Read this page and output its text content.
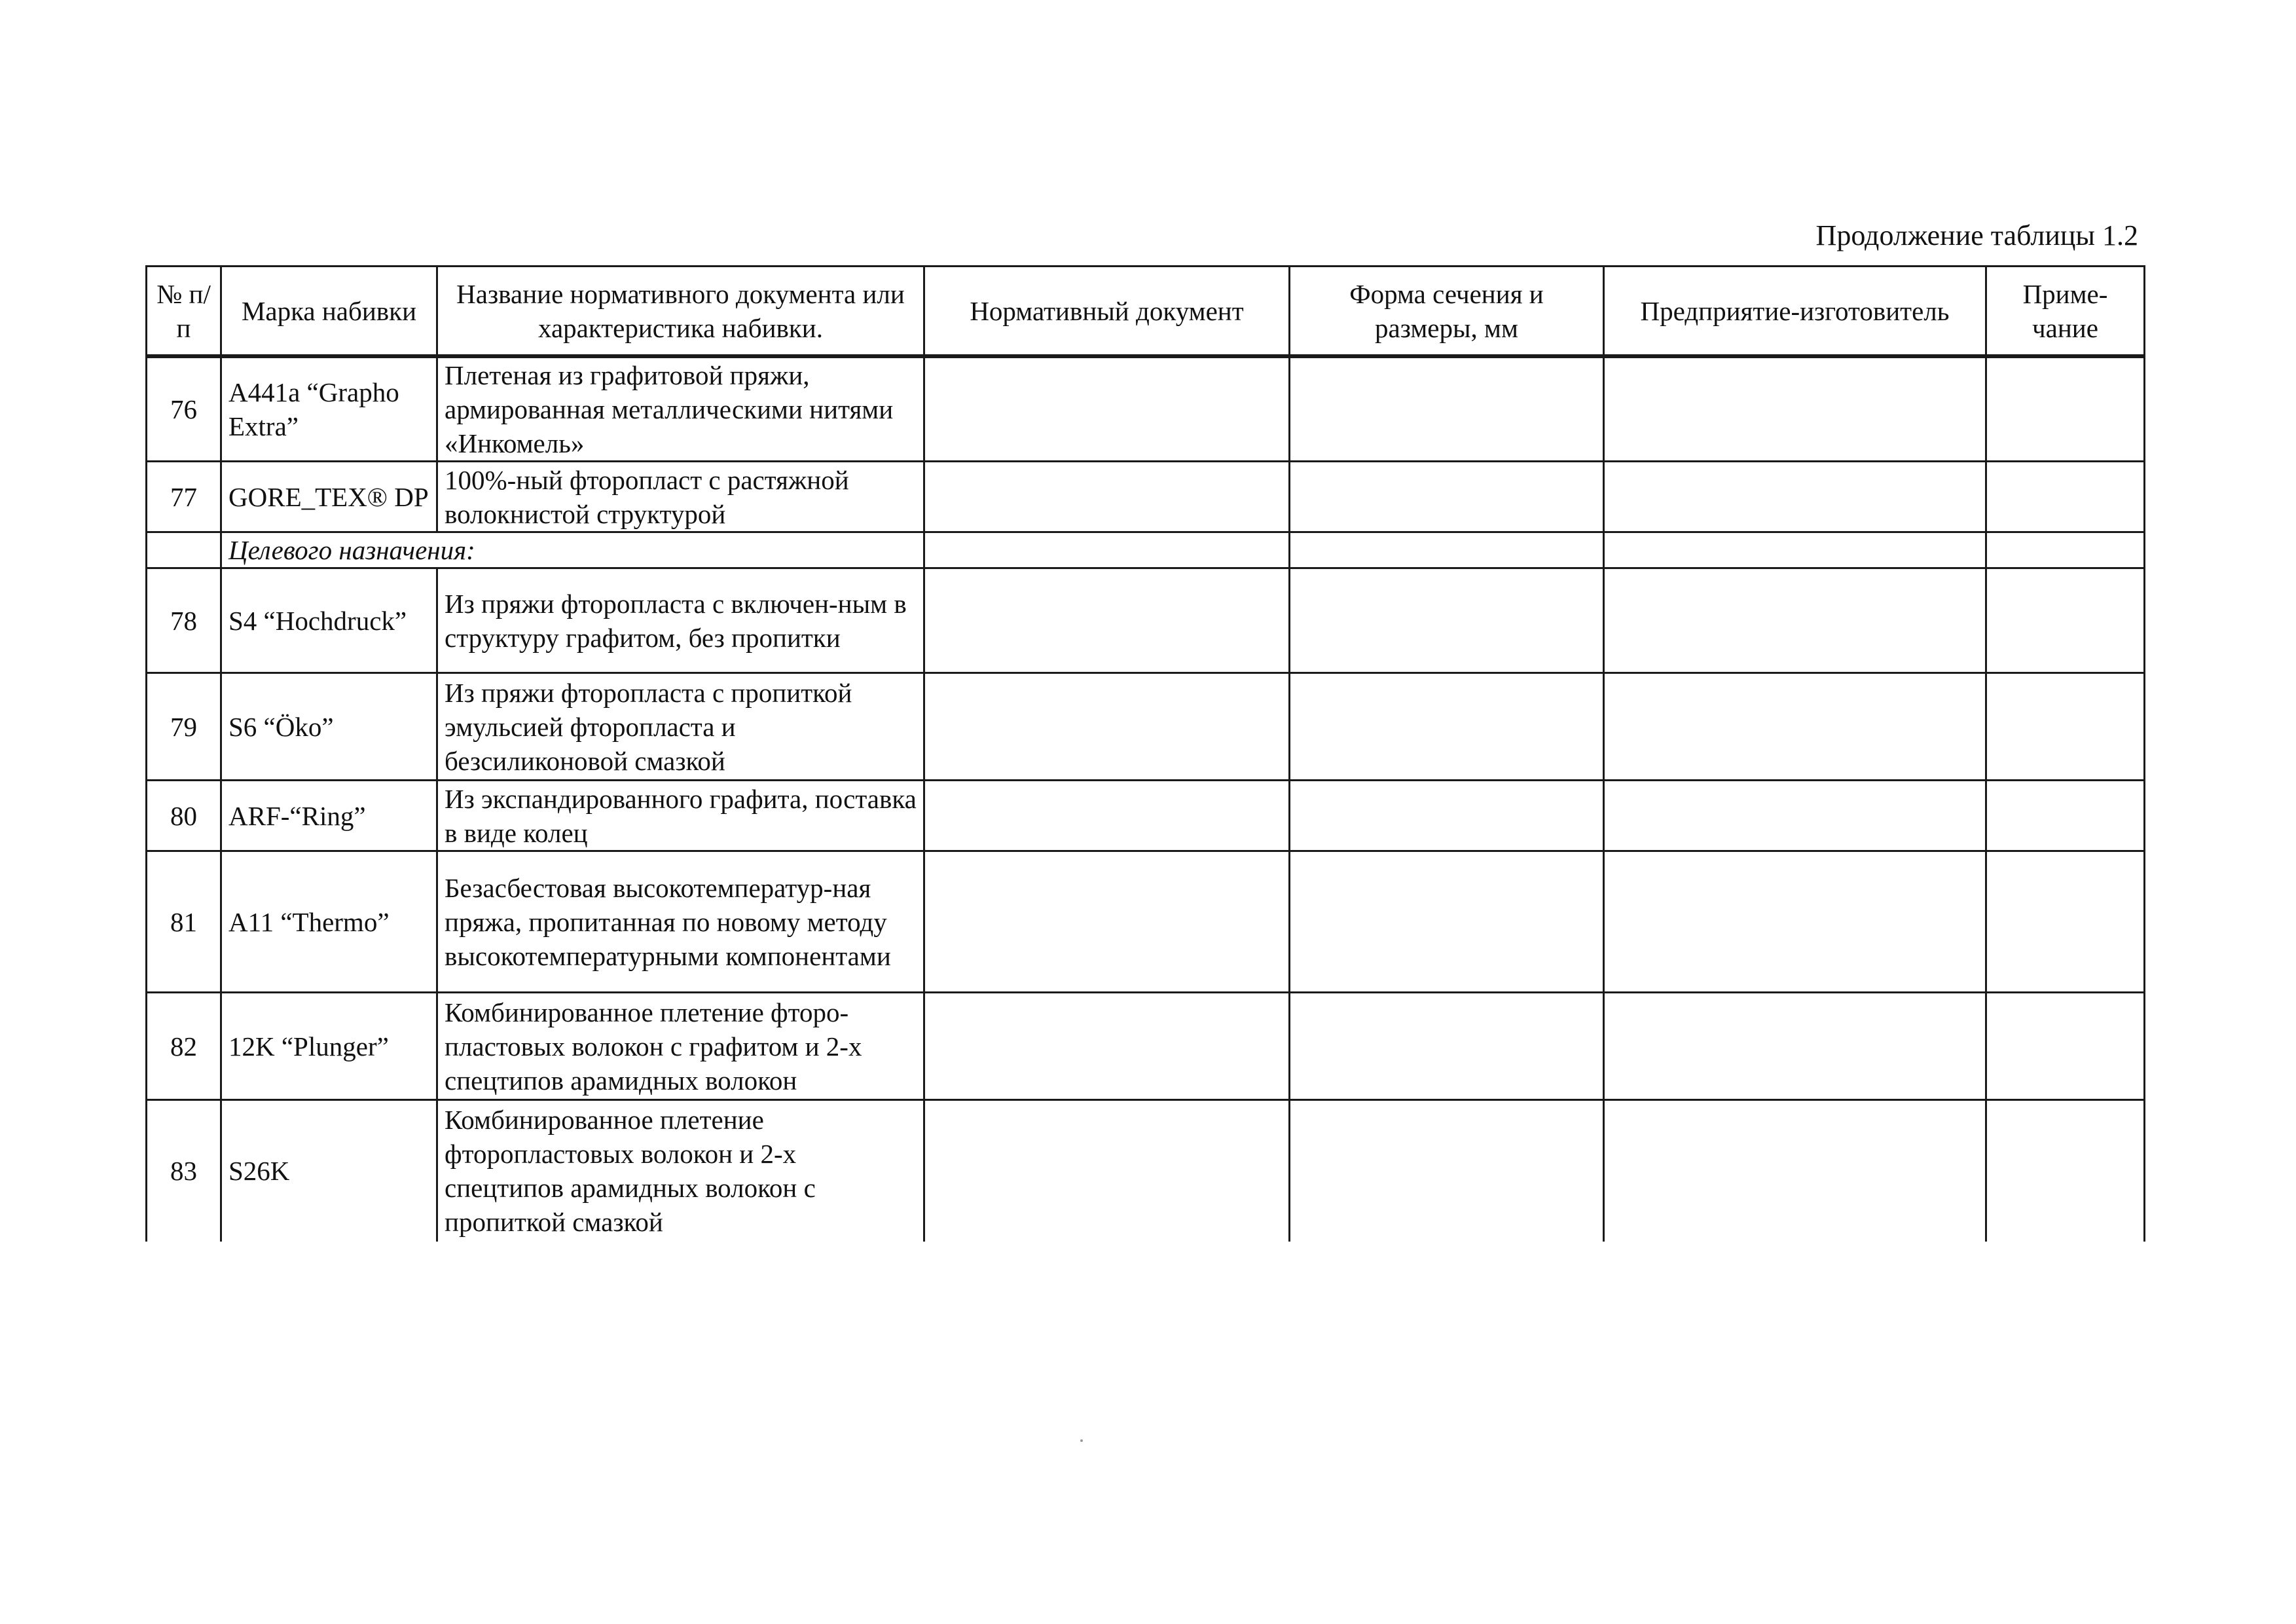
Продолжение таблицы 1.2
№ п/п	Марка набивки	Название нормативного документа или характеристика набивки.	Нормативный документ	Форма сечения и размеры, мм	Предприятие-изготовитель	Приме-чание
76	A441a “Grapho Extra”	Плетеная из графитовой пряжи, армированная металлическими нитями «Инкомель»				
77	GORE_TEX® DP	100%-ный фторопласт с растяжной волокнистой структурой				
	Целевого назначения:					
78	S4 “Hochdruck”	Из пряжи фторопласта с включен-ным в структуру графитом, без пропитки				
79	S6 “Öko”	Из пряжи фторопласта с пропиткой эмульсией фторопласта и безсиликоновой смазкой				
80	ARF-“Ring”	Из экспандированного графита, поставка в виде колец				
81	A11 “Thermo”	Безасбестовая высокотемператур-ная пряжа, пропитанная по новому методу высокотемпературными компонентами				
82	12K “Plunger”	Комбинированное плетение фторо-пластовых волокон с графитом и 2-х спецтипов арамидных волокон				
83	S26K	Комбинированное плетение фторопластовых волокон и 2-х спецтипов арамидных волокон с пропиткой смазкой				
